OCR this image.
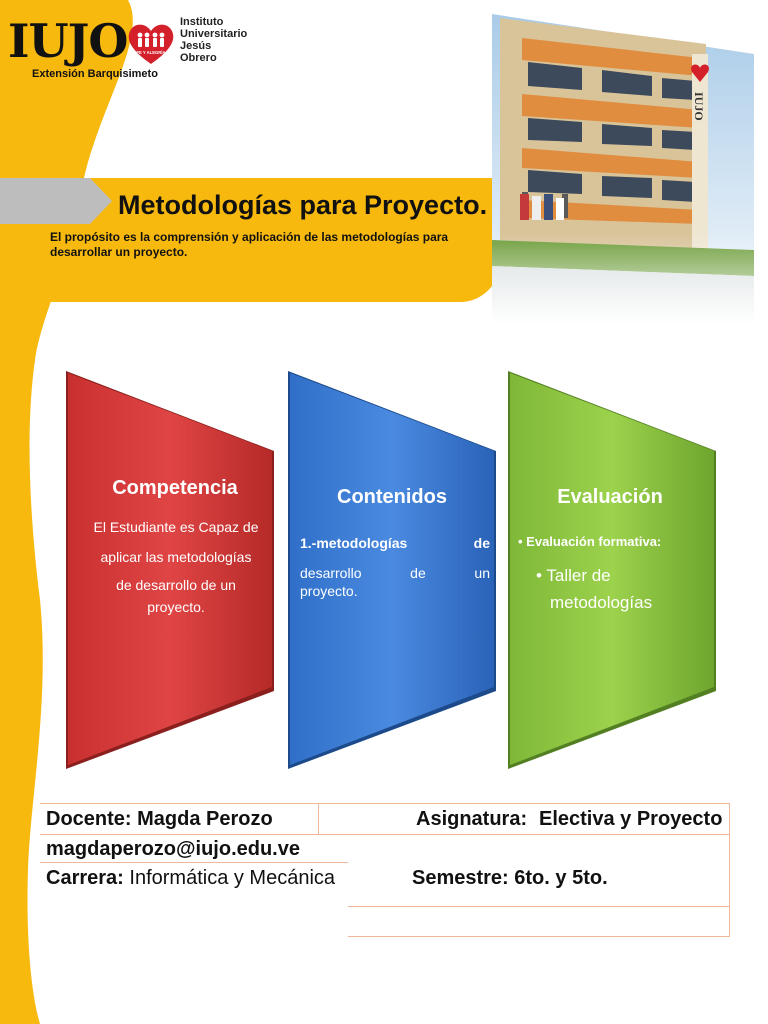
IUJO FE Y ALEGRÍA
Instituto
Universitario
Jesús
Obrero
Extensión Barquisimeto
IUJO
Metodologías para Proyecto.
El propósito es la comprensión y aplicación de las metodologías para desarrollar un proyecto.
Competencia
El Estudiante es Capaz de
aplicar las metodologías
de desarrollo de un
proyecto.
Contenidos
1.-metodologías	de
desarrollo	de	un
proyecto.
Evaluación
• Evaluación formativa:
• Taller de
metodologías
Docente: Magda Perozo	Asignatura: Electiva y Proyecto
magdaperozo@iujo.edu.ve
Carrera: Informática y Mecánica	Semestre: 6to. y 5to.
